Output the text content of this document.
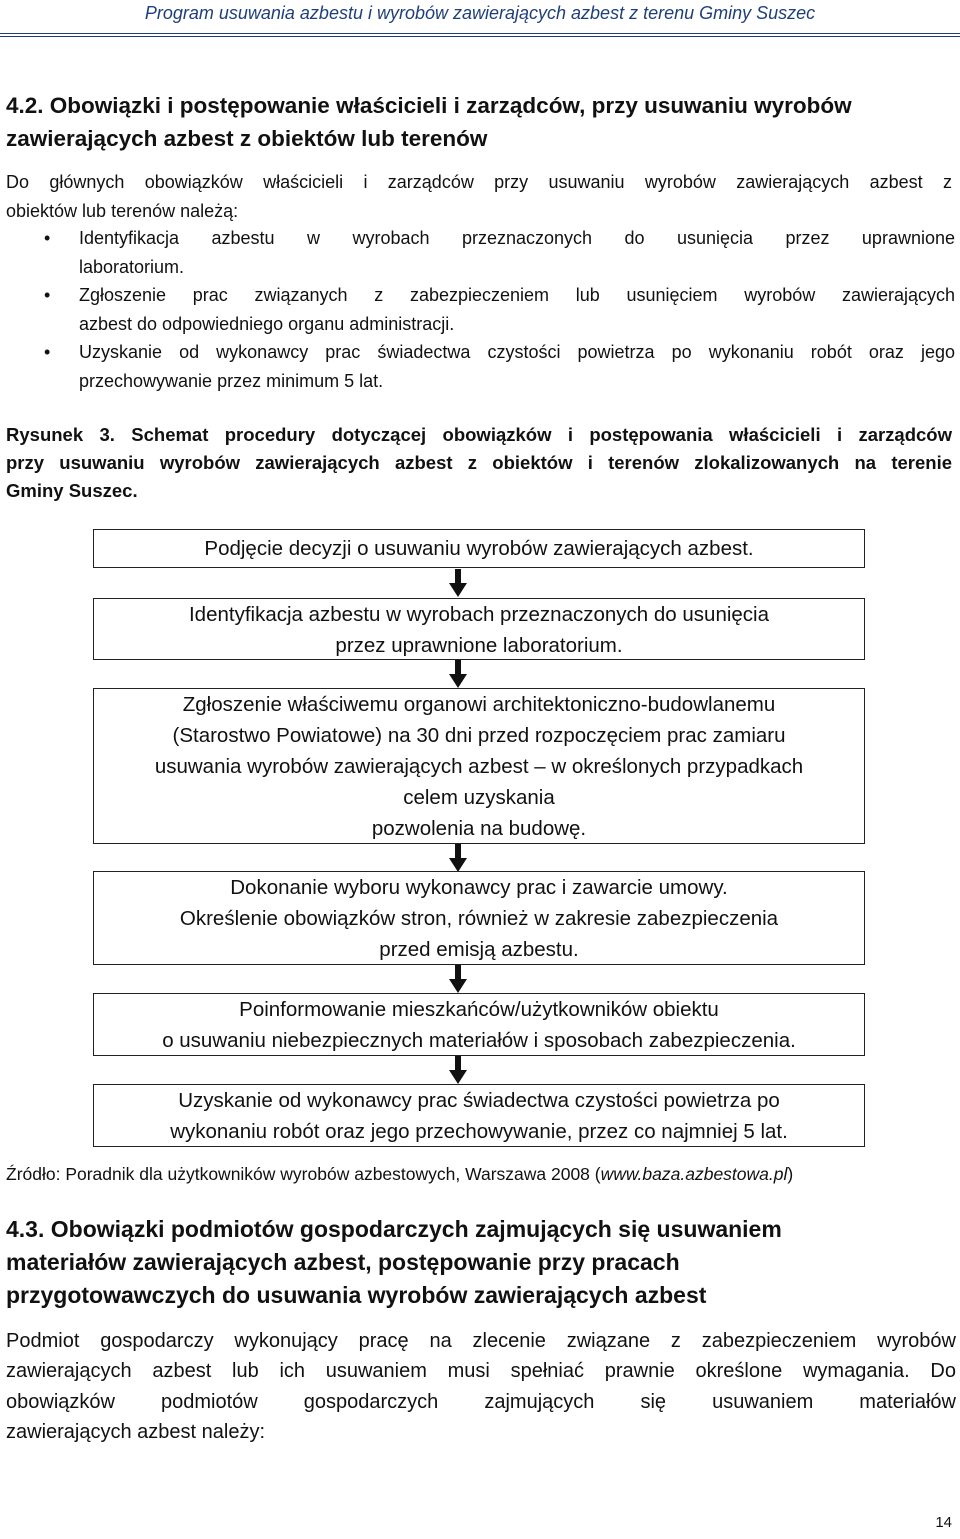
Program usuwania azbestu i wyrobów zawierających azbest z terenu Gminy Suszec
4.2. Obowiązki i postępowanie właścicieli i zarządców, przy usuwaniu wyrobów
zawierających azbest z obiektów lub terenów
Do głównych obowiązków właścicieli i zarządców przy usuwaniu wyrobów zawierających azbest z
obiektów lub terenów należą:
• Identyfikacja azbestu w wyrobach przeznaczonych do usunięcia przez uprawnione
laboratorium.
• Zgłoszenie prac związanych z zabezpieczeniem lub usunięciem wyrobów zawierających
azbest do odpowiedniego organu administracji.
• Uzyskanie od wykonawcy prac świadectwa czystości powietrza po wykonaniu robót oraz jego
przechowywanie przez minimum 5 lat.
Rysunek 3. Schemat procedury dotyczącej obowiązków i postępowania właścicieli i zarządców
przy usuwaniu wyrobów zawierających azbest z obiektów i terenów zlokalizowanych na terenie
Gminy Suszec.
Podjęcie decyzji o usuwaniu wyrobów zawierających azbest.
Identyfikacja azbestu w wyrobach przeznaczonych do usunięcia
przez uprawnione laboratorium.
Zgłoszenie właściwemu organowi architektoniczno-budowlanemu
(Starostwo Powiatowe) na 30 dni przed rozpoczęciem prac zamiaru
usuwania wyrobów zawierających azbest – w określonych przypadkach
celem uzyskania
pozwolenia na budowę.
Dokonanie wyboru wykonawcy prac i zawarcie umowy.
Określenie obowiązków stron, również w zakresie zabezpieczenia
przed emisją azbestu.
Poinformowanie mieszkańców/użytkowników obiektu
o usuwaniu niebezpiecznych materiałów i sposobach zabezpieczenia.
Uzyskanie od wykonawcy prac świadectwa czystości powietrza po
wykonaniu robót oraz jego przechowywanie, przez co najmniej 5 lat.
Źródło: Poradnik dla użytkowników wyrobów azbestowych, Warszawa 2008 (www.baza.azbestowa.pl)
4.3. Obowiązki podmiotów gospodarczych zajmujących się usuwaniem
materiałów zawierających azbest, postępowanie przy pracach
przygotowawczych do usuwania wyrobów zawierających azbest
Podmiot gospodarczy wykonujący pracę na zlecenie związane z zabezpieczeniem wyrobów
zawierających azbest lub ich usuwaniem musi spełniać prawnie określone wymagania. Do
obowiązków podmiotów gospodarczych zajmujących się usuwaniem materiałów
zawierających azbest należy:
14
